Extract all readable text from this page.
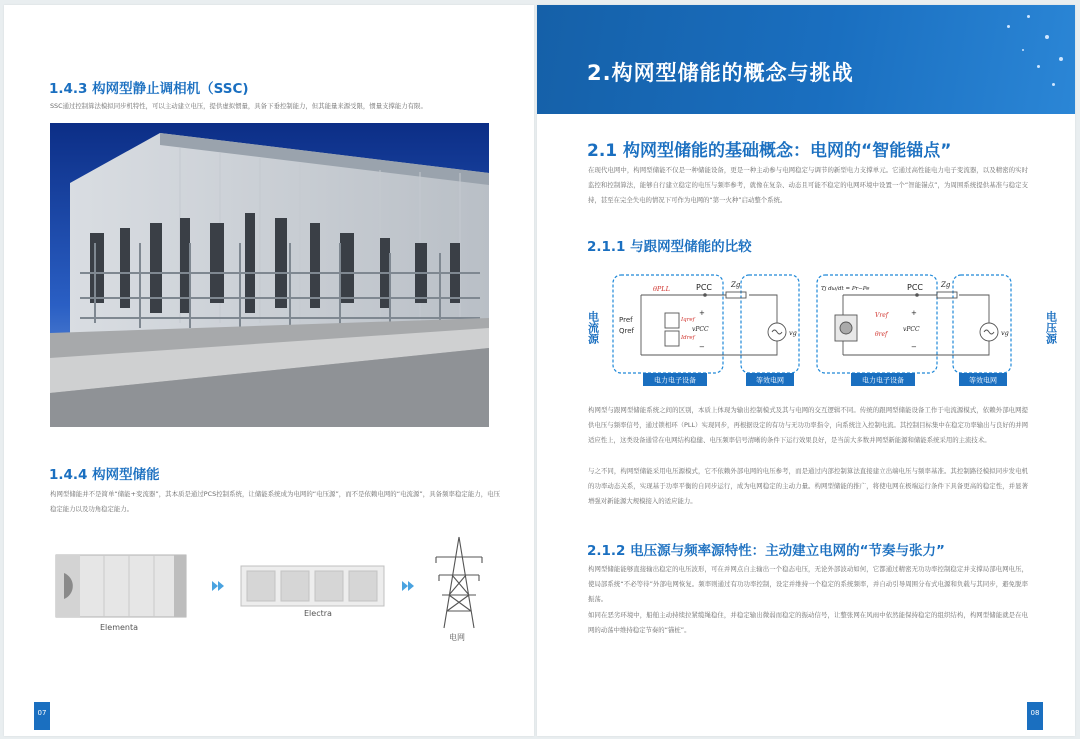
1.4.3 构网型静止调相机（SSC)

SSC通过控制算法模拟同步机特性，可以主动建立电压，提供虚拟惯量，具备下垂控制能力，但其能量来源受限，惯量支撑能力有限。

1.4.4 构网型储能

构网型储能并不是简单“储能+变流器”，其本质是通过PCS控制系统，让储能系统成为电网的“电压源”，而不是依赖电网的“电流源”，具备频率稳定能力，电压稳定能力以及功角稳定能力。

Elementa
Electra
电网
07
2.构网型储能的概念与挑战
2.1 构网型储能的基础概念：电网的“智能锚点”

在现代电网中，构网型储能不仅是一种储能设备，更是一种主动参与电网稳定与调节的新型电力支撑单元。它通过高性能电力电子变流器，以及精密的实时监控和控制算法，能够自行建立稳定的电压与频率参考，就像在复杂、动态且可能不稳定的电网环境中设置一个“智能锚点”，为周围系统提供基准与稳定支持，甚至在完全失电的情况下可作为电网的“第一火种”启动整个系统。

2.1.1 与跟网型储能的比较
电流源	电压源
θPLL	PCC	Zg
Pref
Qref
Iqref
Idref
+
vPCC
−
vg
电力电子设备	等效电网
Tj dω/dt = Pr−Pe	PCC	Zg
Vref
θref
+
vPCC
−
vg
电力电子设备	等效电网

构网型与跟网型储能系统之间的区别，本质上体现为输出控制模式及其与电网的交互逻辑不同。传统的跟网型储能设备工作于电流源模式，依赖外部电网提供电压与频率信号，通过锁相环（PLL）实现同步，再根据设定的有功与无功功率指令，向系统注入控制电流。其控制目标集中在稳定功率输出与良好的并网适应性上，这类设备通常在电网结构稳健、电压频率信号清晰的条件下运行效果良好，是当前大多数并网型新能源和储能系统采用的主流技术。

与之不同，构网型储能采用电压源模式，它不依赖外部电网的电压参考，而是通过内部控制算法直接建立出端电压与频率基准。其控制路径模拟同步发电机的功率动态关系，实现基于功率平衡的自同步运行，成为电网稳定的主动力量。构网型储能的推广，将使电网在极端运行条件下具备更高的稳定性，并显著增强对新能源大规模接入的适应能力。

2.1.2 电压源与频率源特性：主动建立电网的“节奏与张力”

构网型储能能够直接输出稳定的电压波形，可在并网点自主输出一个稳态电压，无论外部波动如何，它都通过精密无功功率控制稳定并支撑局部电网电压，使局部系统“不必等待”外部电网恢复。频率则通过有功功率控制，设定并维持一个稳定的系统频率，并自动引导周围分布式电源和负载与其同步，避免脱率振荡。

如同在恶劣环境中，船舶主动持续拉紧缆绳稳住，并稳定输出微弱而稳定的振动信号，让整张网在风雨中依然能保持稳定的组织结构，构网型储能就是在电网的动荡中维持稳定节奏的“锚桩”。

08
